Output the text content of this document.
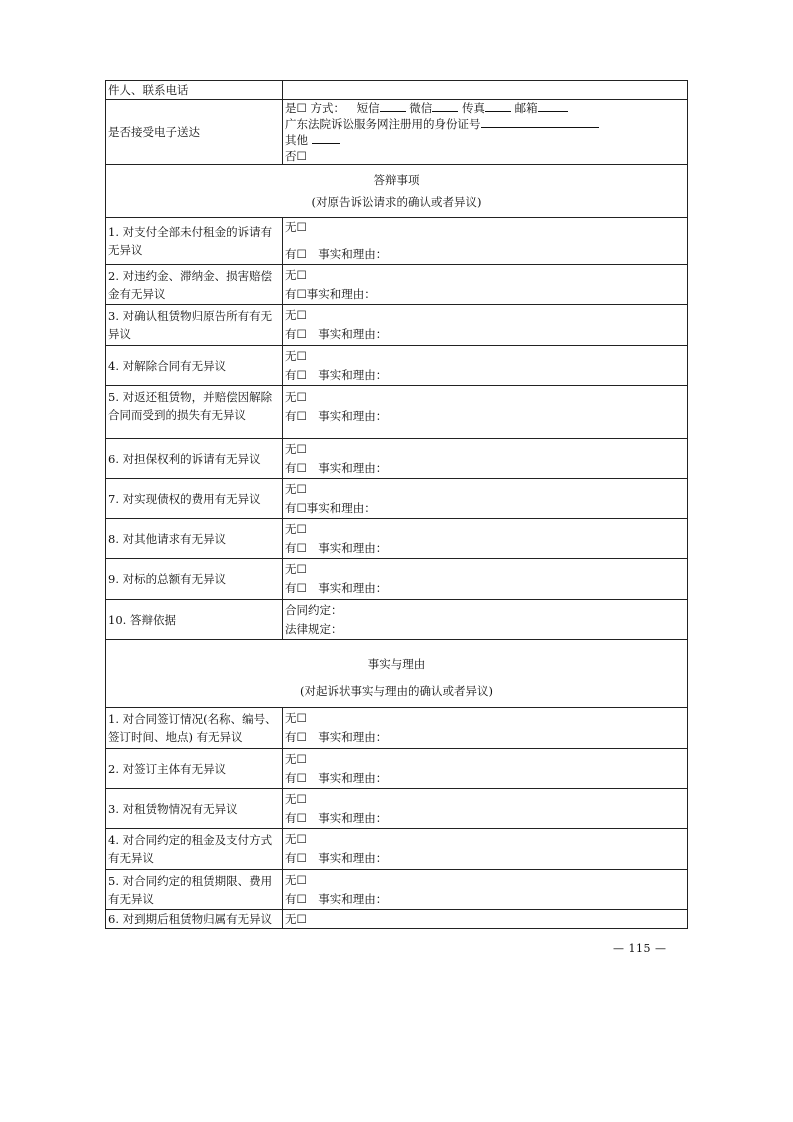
件人、联系电话	
是否接受电子送达	是☐ 方式： 短信 微信 传真 邮箱
广东法院诉讼服务网注册用的身份证号
其他
否☐

答辩事项
(对原告诉讼请求的确认或者异议)	

1. 对支付全部未付租金的诉请有无异议	无☐
有☐　事实和理由：

2. 对违约金、滞纳金、损害赔偿金有无异议	无☐
有☐事实和理由：

3. 对确认租赁物归原告所有有无异议	无☐
有☐　事实和理由：

4. 对解除合同有无异议	无☐
有☐　事实和理由：

5. 对返还租赁物，并赔偿因解除合同而受到的损失有无异议	无☐
有☐　事实和理由：

6. 对担保权利的诉请有无异议	无☐
有☐　事实和理由：

7. 对实现债权的费用有无异议	无☐
有☐事实和理由：

8. 对其他请求有无异议	无☐
有☐　事实和理由：

9. 对标的总额有无异议	无☐
有☐　事实和理由：

10. 答辩依据	合同约定：
法律规定：

事实与理由
(对起诉状事实与理由的确认或者异议)	

1. 对合同签订情况(名称、编号、签订时间、地点) 有无异议	无☐
有☐　事实和理由：

2. 对签订主体有无异议	无☐
有☐　事实和理由：

3. 对租赁物情况有无异议	无☐
有☐　事实和理由：

4. 对合同约定的租金及支付方式有无异议	无☐
有☐　事实和理由：

5. 对合同约定的租赁期限、费用有无异议	无☐
有☐　事实和理由：

6. 对到期后租赁物归属有无异议	无☐
— 115 —
